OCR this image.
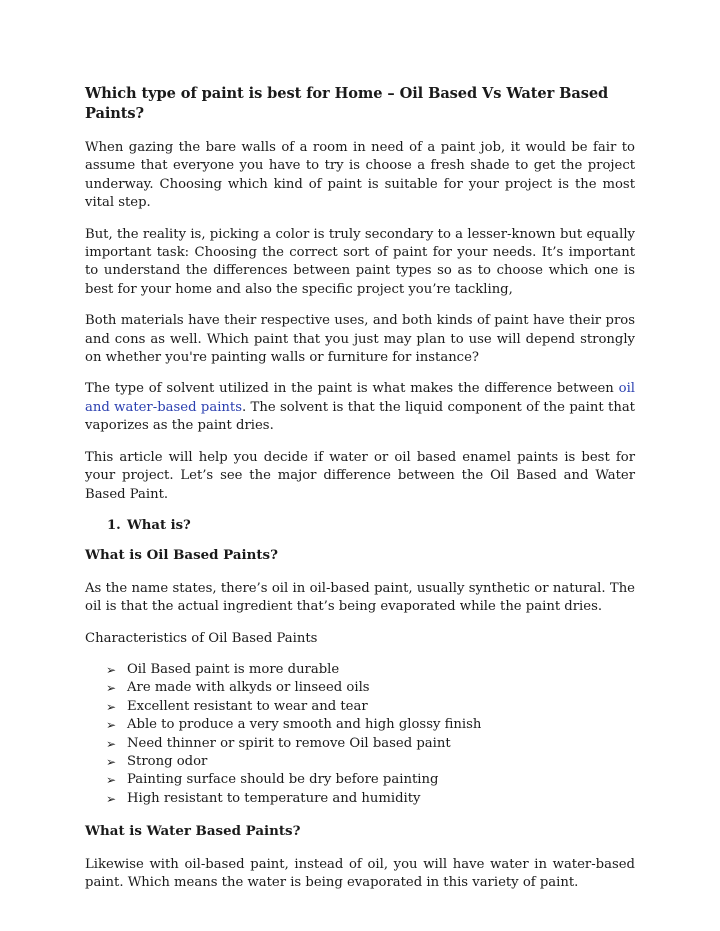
Which type of paint is best for Home – Oil Based Vs Water Based Paints?

When gazing the bare walls of a room in need of a paint job, it would be fair to assume that everyone you have to try is choose a fresh shade to get the project underway. Choosing which kind of paint is suitable for your project is the most vital step.

But, the reality is, picking a color is truly secondary to a lesser-known but equally important task: Choosing the correct sort of paint for your needs. It’s important to understand the differences between paint types so as to choose which one is best for your home and also the specific project you’re tackling,

Both materials have their respective uses, and both kinds of paint have their pros and cons as well. Which paint that you just may plan to use will depend strongly on whether you're painting walls or furniture for instance?

The type of solvent utilized in the paint is what makes the difference between oil and water-based paints. The solvent is that the liquid component of the paint that vaporizes as the paint dries.

This article will help you decide if water or oil based enamel paints is best for your project. Let’s see the major difference between the Oil Based and Water Based Paint.

1. What is?
What is Oil Based Paints?

As the name states, there’s oil in oil-based paint, usually synthetic or natural. The oil is that the actual ingredient that’s being evaporated while the paint dries.

Characteristics of Oil Based Paints

➢ Oil Based paint is more durable
➢ Are made with alkyds or linseed oils
➢ Excellent resistant to wear and tear
➢ Able to produce a very smooth and high glossy finish
➢ Need thinner or spirit to remove Oil based paint
➢ Strong odor
➢ Painting surface should be dry before painting
➢ High resistant to temperature and humidity
What is Water Based Paints?

Likewise with oil-based paint, instead of oil, you will have water in water-based paint. Which means the water is being evaporated in this variety of paint.
